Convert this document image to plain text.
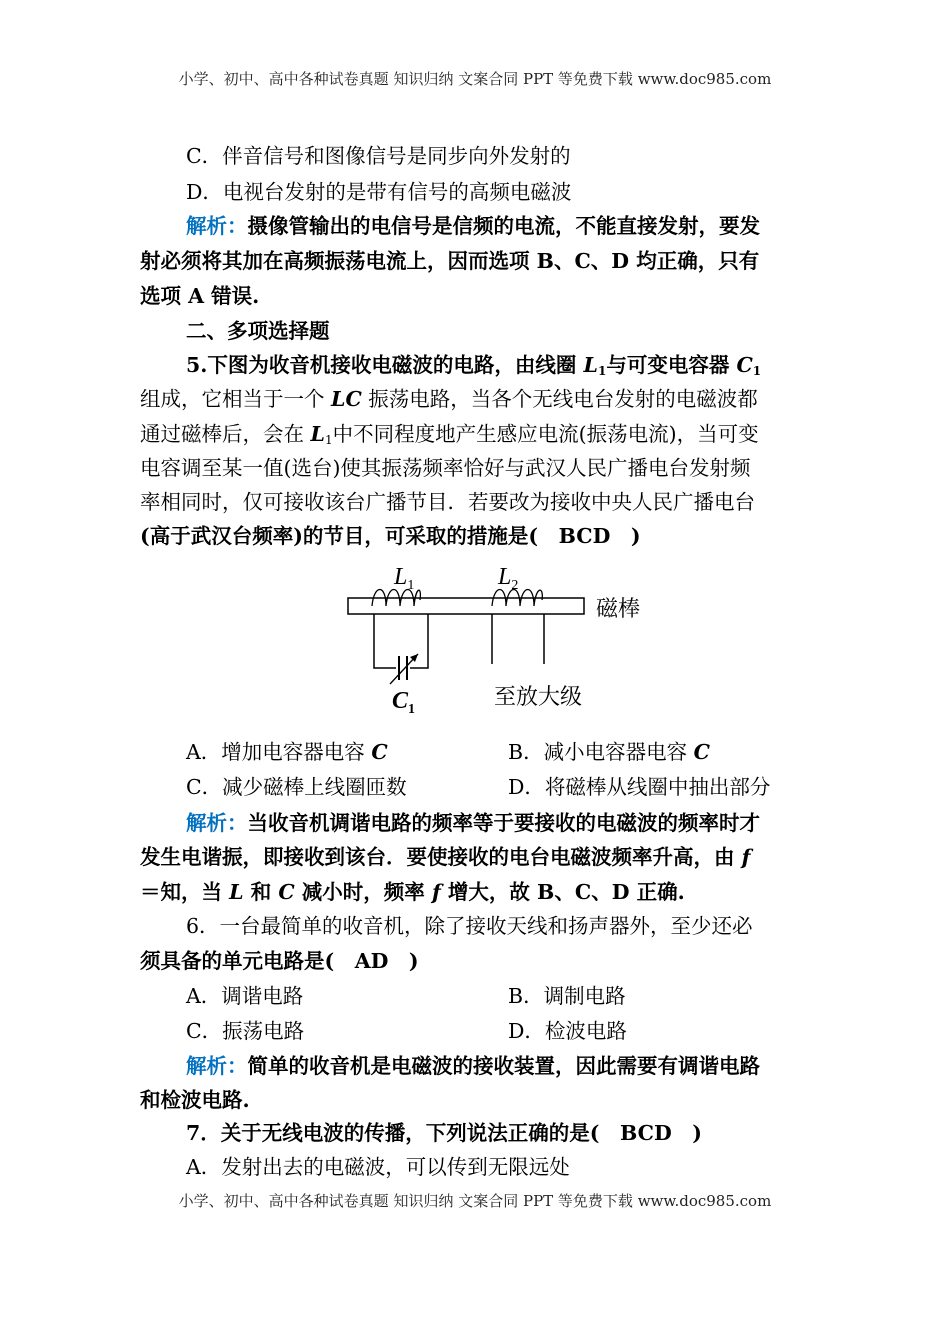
小学、初中、高中各种试卷真题 知识归纳 文案合同 PPT 等免费下载 www.doc985.com
C．伴音信号和图像信号是同步向外发射的
D．电视台发射的是带有信号的高频电磁波
解析：摄像管输出的电信号是信频的电流，不能直接发射，要发
射必须将其加在高频振荡电流上，因而选项 B、C、D 均正确，只有
选项 A 错误.
二、多项选择题
5.下图为收音机接收电磁波的电路，由线圈 $L_1$与可变电容器 $C_1$
组成，它相当于一个 LC 振荡电路，当各个无线电台发射的电磁波都
通过磁棒后，会在 $L_1$中不同程度地产生感应电流(振荡电流)，当可变
电容调至某一值(选台)使其振荡频率恰好与武汉人民广播电台发射频
率相同时，仅可接收该台广播节目．若要改为接收中央人民广播电台
(高于武汉台频率)的节目，可采取的措施是(　BCD　)
$L_1$	$L_2$
磁棒
$C_1$	至放大级
A．增加电容器电容 C	B．减小电容器电容 C
C．减少磁棒上线圈匝数	D．将磁棒从线圈中抽出部分
解析：当收音机调谐电路的频率等于要接收的电磁波的频率时才
发生电谐振，即接收到该台．要使接收的电台电磁波频率升高，由 f
＝知，当 L 和 C 减小时，频率 f 增大，故 B、C、D 正确.
6．一台最简单的收音机，除了接收天线和扬声器外，至少还必
须具备的单元电路是(　AD　)
A．调谐电路	B．调制电路
C．振荡电路	D．检波电路
解析：简单的收音机是电磁波的接收装置，因此需要有调谐电路
和检波电路.
7．关于无线电波的传播，下列说法正确的是(　BCD　)
A．发射出去的电磁波，可以传到无限远处
小学、初中、高中各种试卷真题 知识归纳 文案合同 PPT 等免费下载 www.doc985.com
